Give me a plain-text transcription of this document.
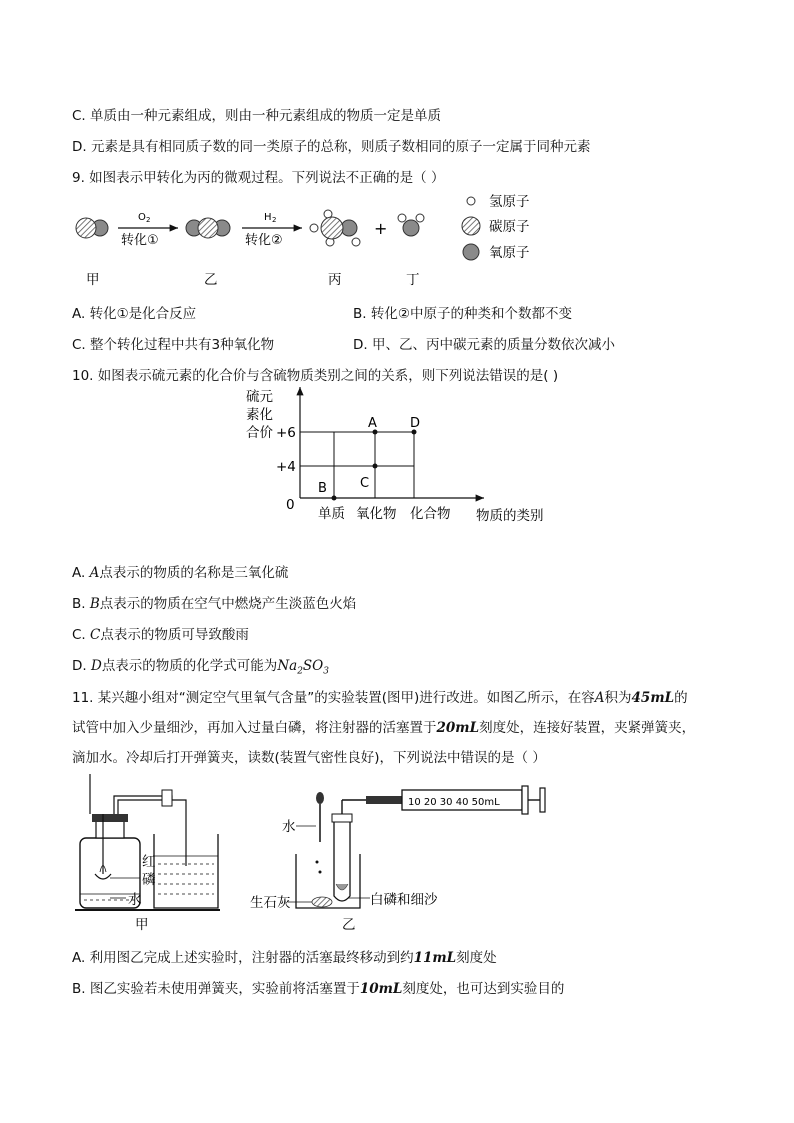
C. 单质由一种元素组成，则由一种元素组成的物质一定是单质
D. 元素是具有相同质子数的同一类原子的总称，则质子数相同的原子一定属于同种元素
9. 如图表示甲转化为丙的微观过程。下列说法不正确的是（ ）
O 2
转化①
H 2
转化②
+
氢原子
碳原子
氧原子
甲	乙	丙	丁
A. 转化①是化合反应	B. 转化②中原子的种类和个数都不变
C. 整个转化过程中共有3种氧化物	D. 甲、乙、丙中碳元素的质量分数依次减小
10. 如图表示硫元素的化合价与含硫物质类别之间的关系，则下列说法错误的是( )
硫元
素化
合价 +6
+4
0
A
B	C
D
单质 氧化物 化合物 物质的类别
A. A点表示的物质的名称是三氧化硫
B. B点表示的物质在空气中燃烧产生淡蓝色火焰
C. C点表示的物质可导致酸雨
D. D点表示的物质的化学式可能为$Na_2SO_3$
11. 某兴趣小组对“测定空气里氧气含量”的实验装置(图甲)进行改进。如图乙所示，在容A积为45mL的
试管中加入少量细沙，再加入过量白磷，将注射器的活塞置于20mL刻度处，连接好装置，夹紧弹簧夹，
滴加水。冷却后打开弹簧夹，读数(装置气密性良好)，下列说法中错误的是（ ）
红
磷
水
甲
水
生石灰	白磷和细沙
10 20 30 40 50mL
乙
A. 利用图乙完成上述实验时，注射器的活塞最终移动到约11mL刻度处
B. 图乙实验若未使用弹簧夹，实验前将活塞置于10mL刻度处，也可达到实验目的
